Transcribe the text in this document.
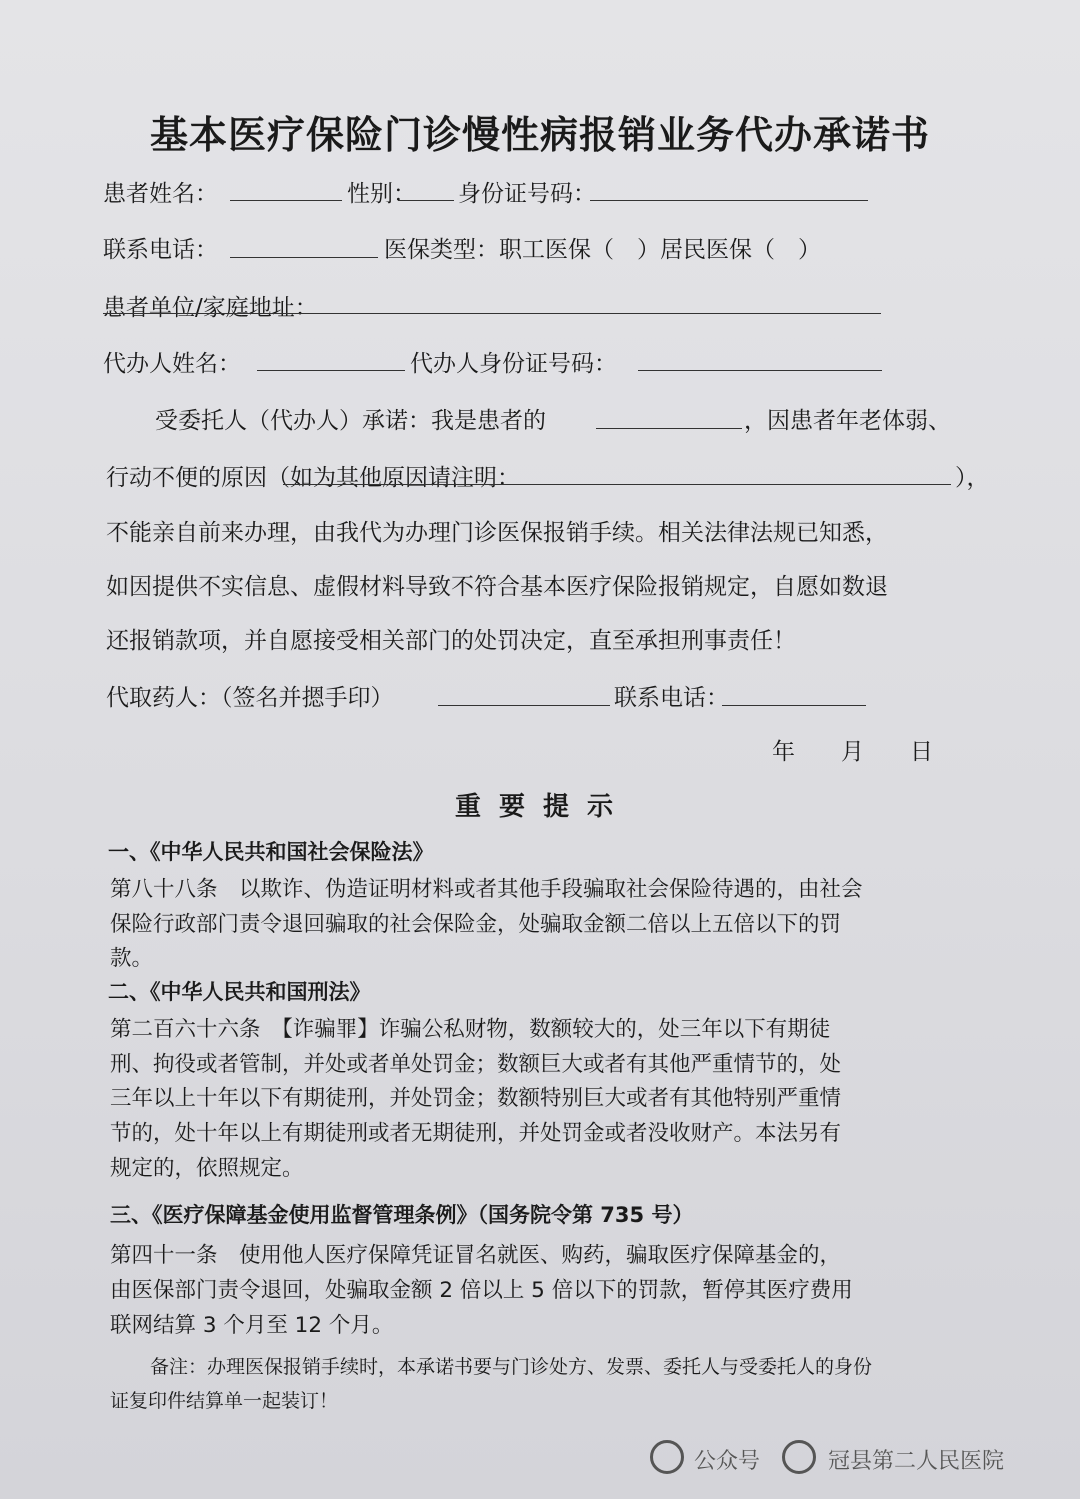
基本医疗保险门诊慢性病报销业务代办承诺书
患者姓名：	性别： 身份证号码：
联系电话：	医保类型：职工医保（　）居民医保（　）
患者单位/家庭地址：
代办人姓名：	代办人身份证号码：
受委托人（代办人）承诺：我是患者的	，因患者年老体弱、
行动不便的原因（如为其他原因请注明：	），
不能亲自前来办理，由我代为办理门诊医保报销手续。相关法律法规已知悉，
如因提供不实信息、虚假材料导致不符合基本医疗保险报销规定，自愿如数退
还报销款项，并自愿接受相关部门的处罚决定，直至承担刑事责任！
代取药人：（签名并摁手印）	联系电话：
年　　月　　日
重要提示
一、《中华人民共和国社会保险法》
第八十八条　以欺诈、伪造证明材料或者其他手段骗取社会保险待遇的，由社会
保险行政部门责令退回骗取的社会保险金，处骗取金额二倍以上五倍以下的罚
款。
二、《中华人民共和国刑法》
第二百六十六条　【诈骗罪】诈骗公私财物，数额较大的，处三年以下有期徒
刑、拘役或者管制，并处或者单处罚金；数额巨大或者有其他严重情节的，处
三年以上十年以下有期徒刑，并处罚金；数额特别巨大或者有其他特别严重情
节的，处十年以上有期徒刑或者无期徒刑，并处罚金或者没收财产。本法另有
规定的，依照规定。
三、《医疗保障基金使用监督管理条例》（国务院令第 735 号）
第四十一条　使用他人医疗保障凭证冒名就医、购药，骗取医疗保障基金的，
由医保部门责令退回，处骗取金额 2 倍以上 5 倍以下的罚款，暂停其医疗费用
联网结算 3 个月至 12 个月。
备注：办理医保报销手续时，本承诺书要与门诊处方、发票、委托人与受委托人的身份
证复印件结算单一起装订！
公众号	冠县第二人民医院
